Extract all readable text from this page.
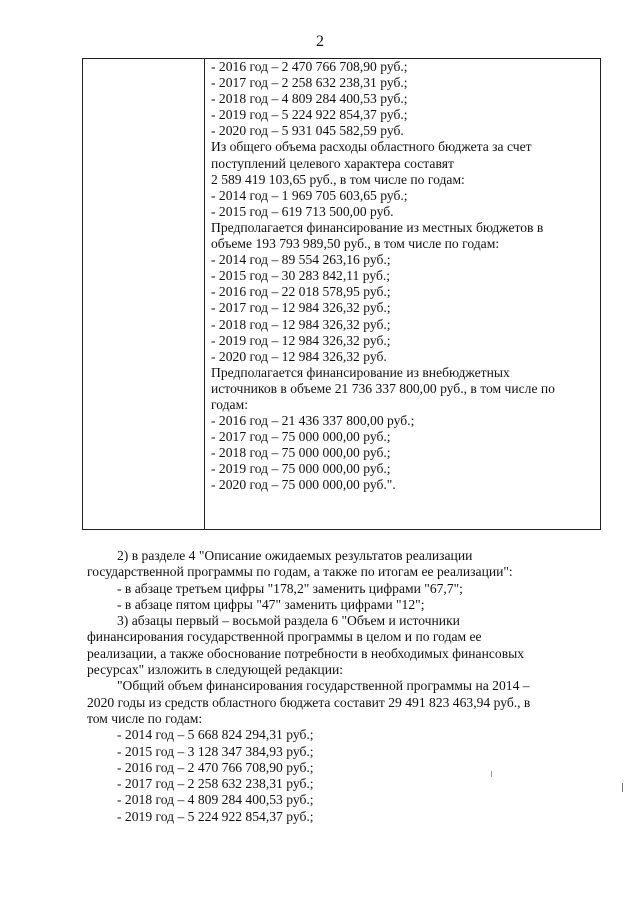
2
- 2016 год – 2 470 766 708,90 руб.;
- 2017 год – 2 258 632 238,31 руб.;
- 2018 год – 4 809 284 400,53 руб.;
- 2019 год – 5 224 922 854,37 руб.;
- 2020 год – 5 931 045 582,59 руб.
Из общего объема расходы областного бюджета за счет
поступлений целевого характера составят
2 589 419 103,65 руб., в том числе по годам:
- 2014 год – 1 969 705 603,65 руб.;
- 2015 год – 619 713 500,00 руб.
Предполагается финансирование из местных бюджетов в
объеме 193 793 989,50 руб., в том числе по годам:
- 2014 год – 89 554 263,16 руб.;
- 2015 год – 30 283 842,11 руб.;
- 2016 год – 22 018 578,95 руб.;
- 2017 год – 12 984 326,32 руб.;
- 2018 год – 12 984 326,32 руб.;
- 2019 год – 12 984 326,32 руб.;
- 2020 год – 12 984 326,32 руб.
Предполагается финансирование из внебюджетных
источников в объеме 21 736 337 800,00 руб., в том числе по
годам:
- 2016 год – 21 436 337 800,00 руб.;
- 2017 год – 75 000 000,00 руб.;
- 2018 год – 75 000 000,00 руб.;
- 2019 год – 75 000 000,00 руб.;
- 2020 год – 75 000 000,00 руб.".
2) в разделе 4 "Описание ожидаемых результатов реализации
государственной программы по годам, а также по итогам ее реализации":
- в абзаце третьем цифры "178,2" заменить цифрами "67,7";
- в абзаце пятом цифры "47" заменить цифрами "12";
3) абзацы первый – восьмой раздела 6 "Объем и источники
финансирования государственной программы в целом и по годам ее
реализации, а также обоснование потребности в необходимых финансовых
ресурсах" изложить в следующей редакции:
"Общий объем финансирования государственной программы на 2014 –
2020 годы из средств областного бюджета составит 29 491 823 463,94 руб., в
том числе по годам:
- 2014 год – 5 668 824 294,31 руб.;
- 2015 год – 3 128 347 384,93 руб.;
- 2016 год – 2 470 766 708,90 руб.;
- 2017 год – 2 258 632 238,31 руб.;
- 2018 год – 4 809 284 400,53 руб.;
- 2019 год – 5 224 922 854,37 руб.;
